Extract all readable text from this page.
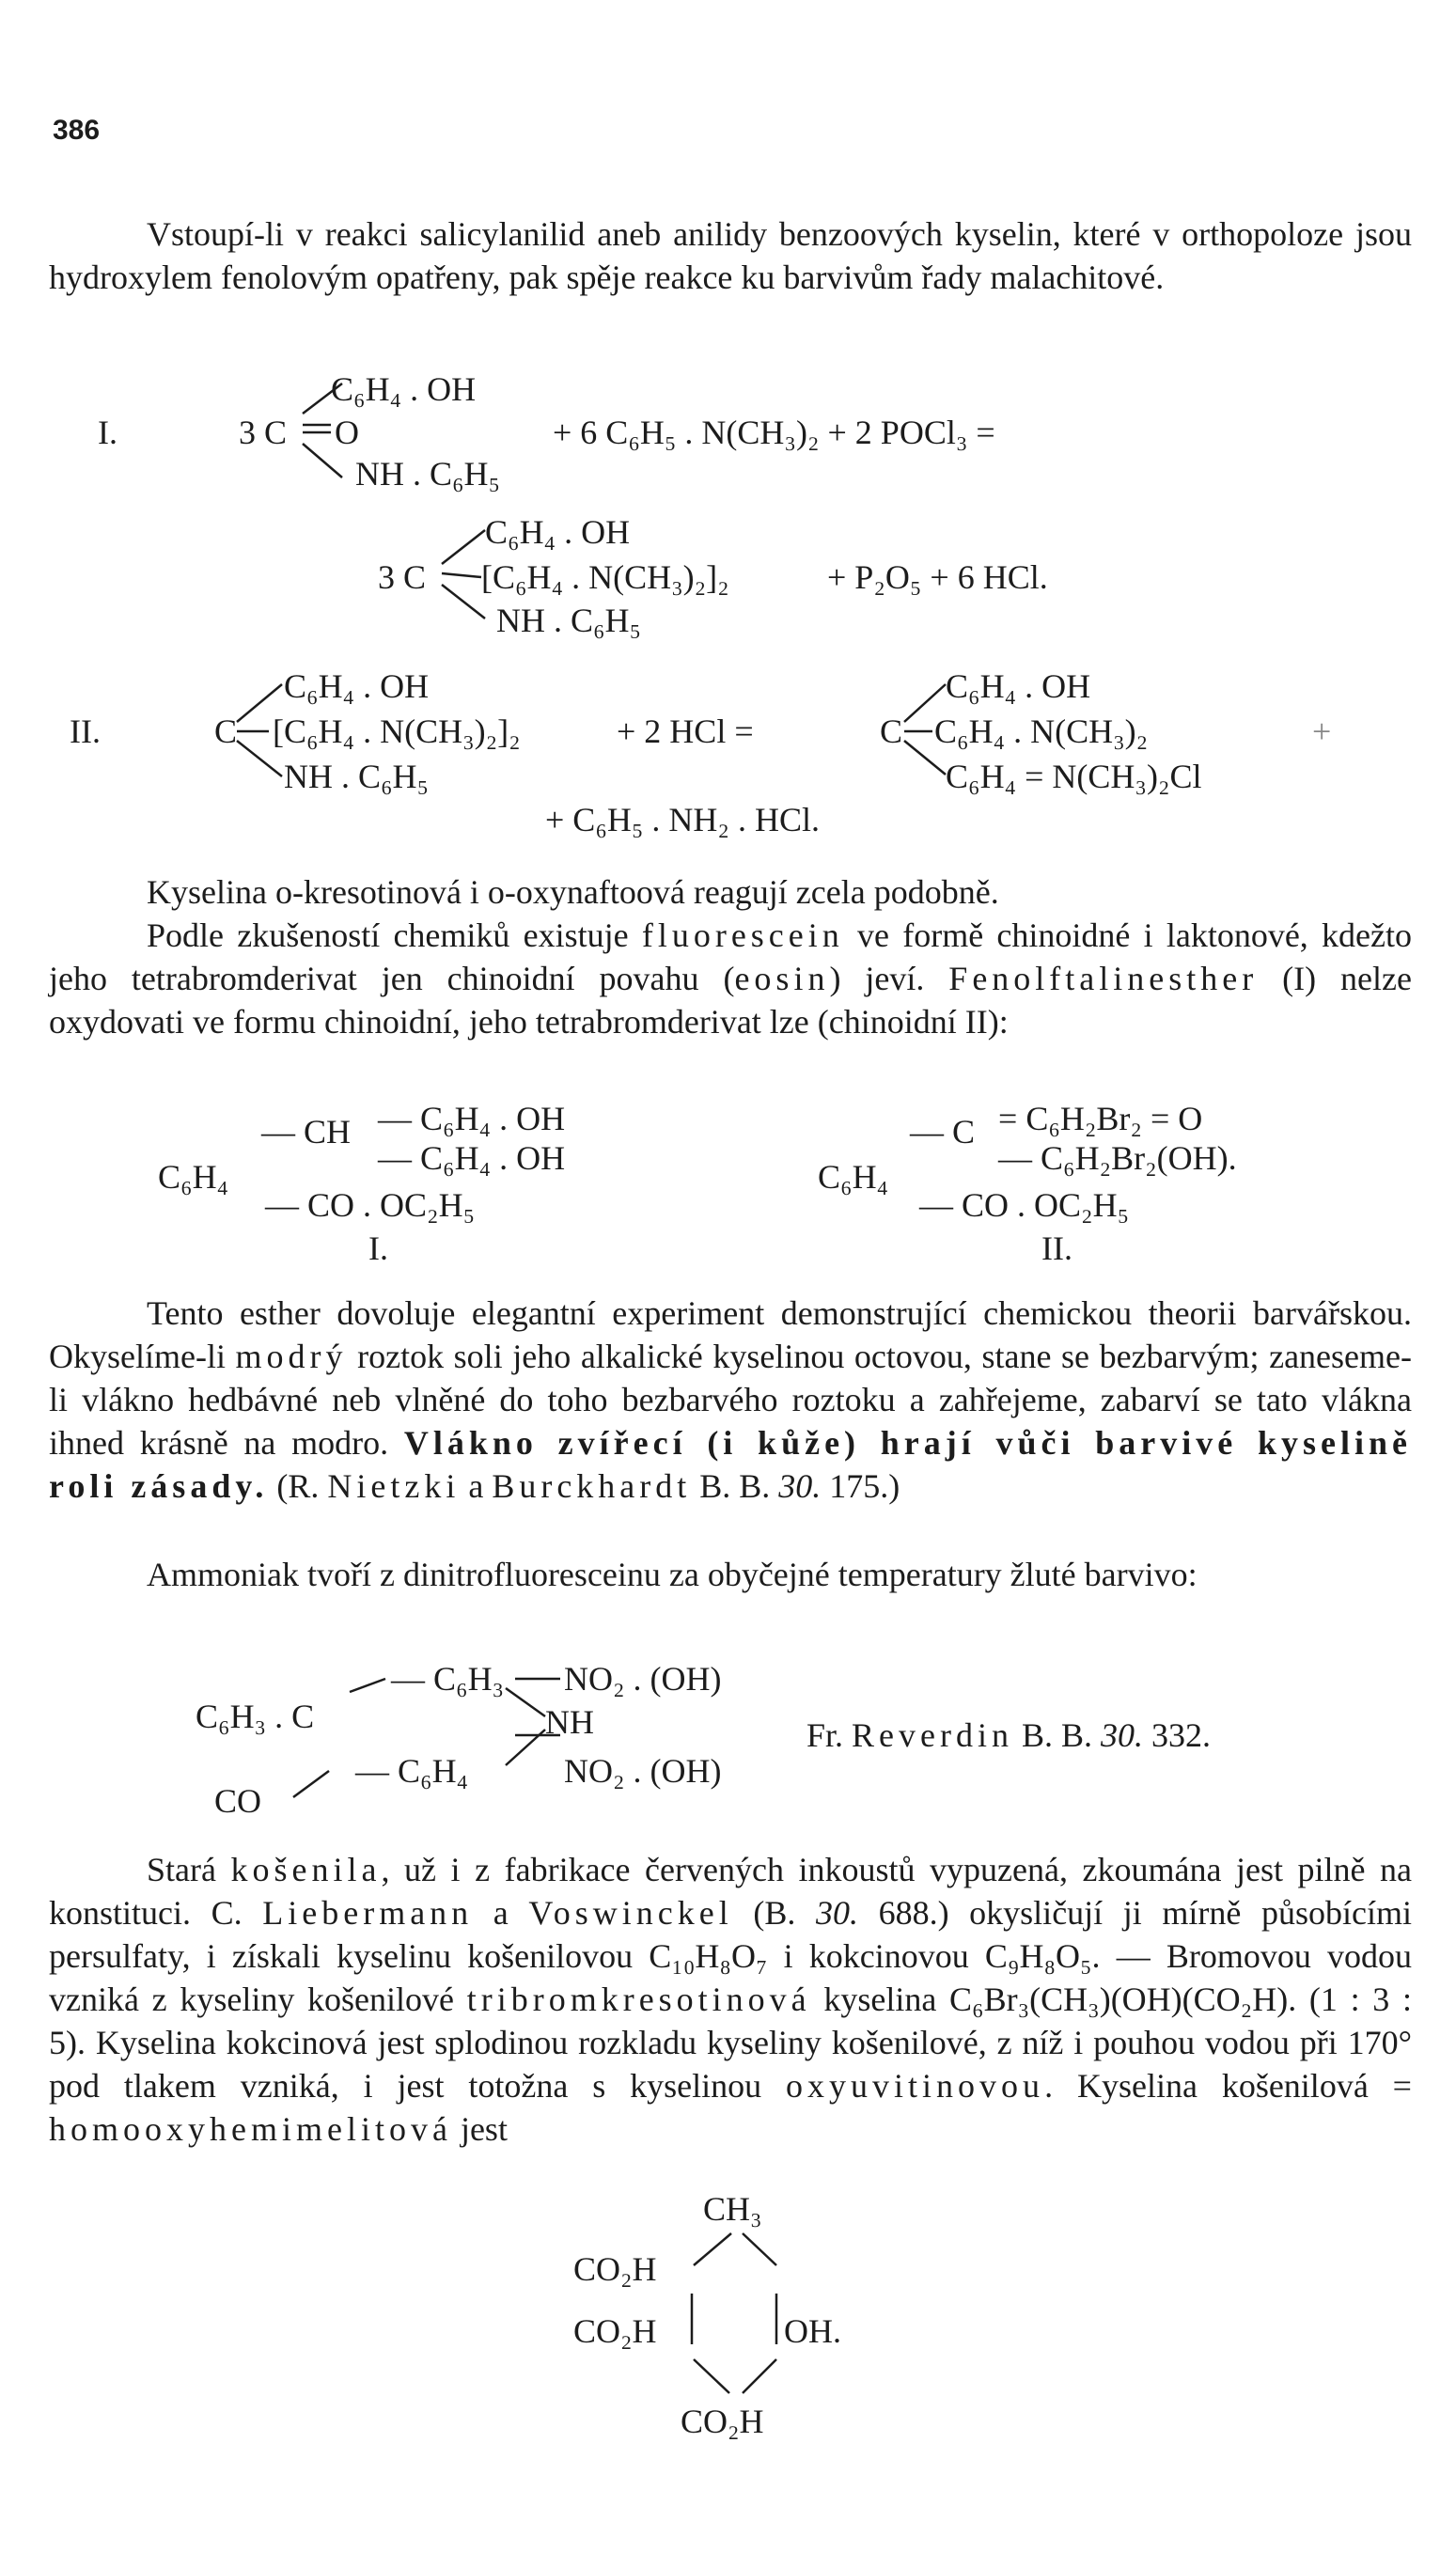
386
Vstoupí-li v reakci salicylanilid aneb anilidy benzoových kyselin, které v orthopoloze jsou hydroxylem fenolovým opatřeny, pak spěje reakce ku barvivům řady malachitové.
I.	3 C
C₆H₄ . OH
O
NH . C₆H₅
+ 6 C₆H₅ . N(CH₃)₂ + 2 POCl₃ =
3 C
C₆H₄ . OH
[C₆H₄ . N(CH₃)₂]₂
NH . C₆H₅
+ P₂O₅ + 6 HCl.
II.	C
C₆H₄ . OH
[C₆H₄ . N(CH₃)₂]₂
NH . C₆H₅
+ 2 HCl =	C
C₆H₄ . OH
C₆H₄ . N(CH₃)₂
C₆H₄ = N(CH₃)₂Cl
+
+ C₆H₅ . NH₂ . HCl.
Kyselina o-kresotinová i o-oxynaftoová reagují zcela podobně.
Podle zkušeností chemiků existuje fluorescein ve formě chinoidné i laktonové, kdežto jeho tetrabromderivat jen chinoidní povahu (eosin) jeví. Fenolftalinesther (I) nelze oxydovati ve formu chinoidní, jeho tetrabromderivat lze (chinoidní II):
C₆H₄
— CH — C₆H₄ . OH
— C₆H₄ . OH
— CO . OC₂H₅
I.
C₆H₄
— C = C₆H₂Br₂ = O
— C₆H₂Br₂(OH).
— CO . OC₂H₅
II.
Tento esther dovoluje elegantní experiment demonstrující chemickou theorii barvářskou. Okyselíme-li modrý roztok soli jeho alkalické kyselinou octovou, stane se bezbarvým; zaneseme-li vlákno hedbávné neb vlněné do toho bezbarvého roztoku a zahřejeme, zabarví se tato vlákna ihned krásně na modro. Vlákno zvířecí (i kůže) hrají vůči barvivé kyselině roli zásady. (R. Nietzki a Burckhardt B. B. 30. 175.)
Ammoniak tvoří z dinitrofluoresceinu za obyčejné temperatury žluté barvivo:
C₆H₃ . C
CO
— C₆H₃ NO₂ . (OH)
NH
— C₆H₄	NO₂ . (OH)
Fr. Reverdin B. B. 30. 332.
Stará košenila, už i z fabrikace červených inkoustů vypuzená, zkoumána jest pilně na konstituci. C. Liebermann a Voswinckel (B. 30. 688.) okysličují ji mírně působícími persulfaty, i získali kyselinu košenilovou C₁₀H₈O₇ i kokcinovou C₉H₈O₅. — Bromovou vodou vzniká z kyseliny košenilové tribromkresotinová kyselina C₆Br₃(CH₃)(OH)(CO₂H). (1 : 3 : 5). Kyselina kokcinová jest splodinou rozkladu kyseliny košenilové, z níž i pouhou vodou při 170° pod tlakem vzniká, i jest totožna s kyselinou oxyuvitinovou. Kyselina košenilová = homooxyhemimelitová jest
CH₃
CO₂H
CO₂H	OH.
CO₂H
